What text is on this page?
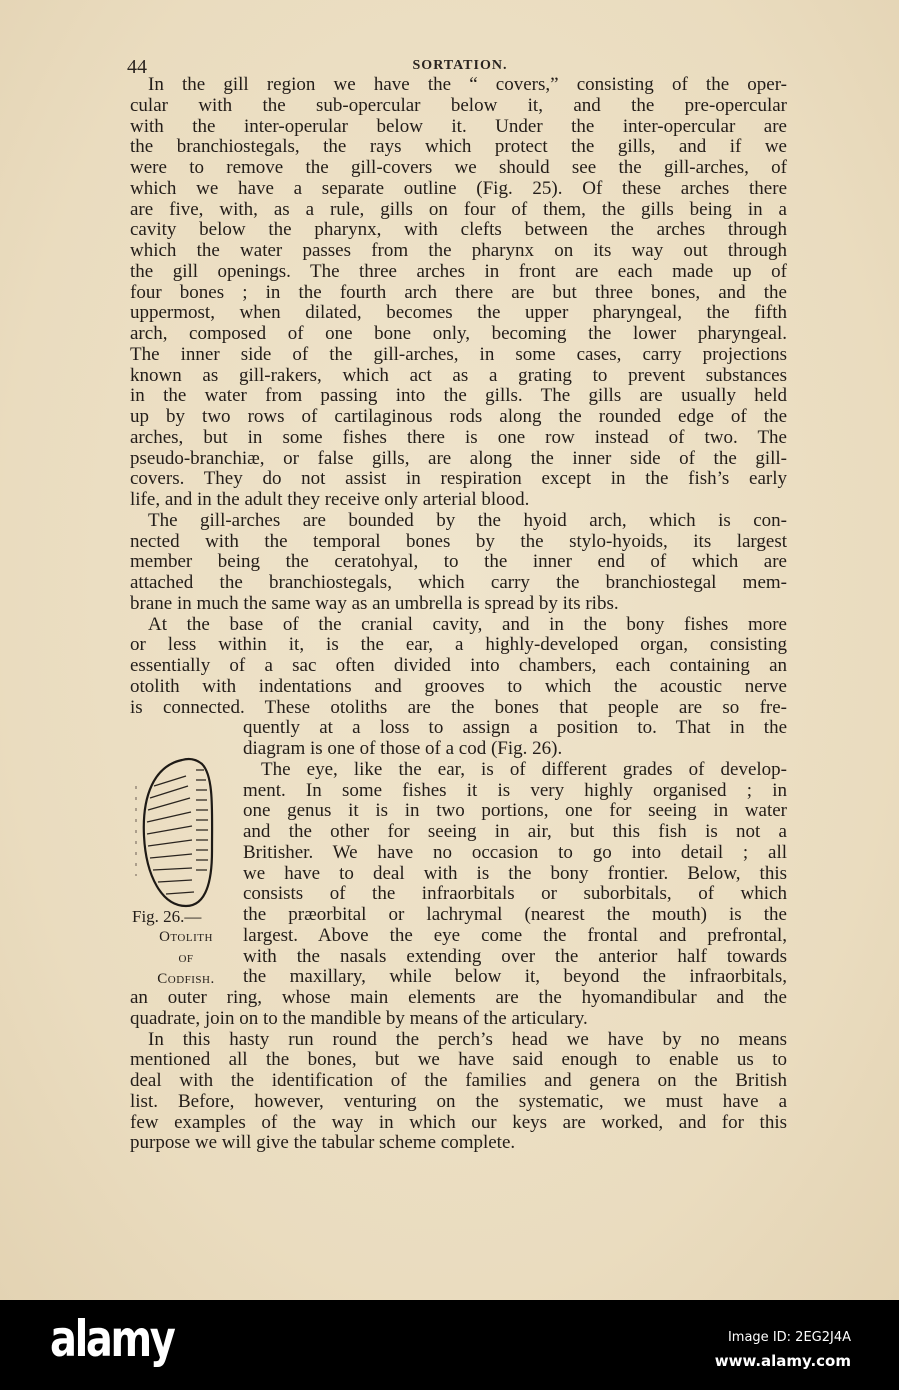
44	SORTATION.
In the gill region we have the “ covers,” consisting of the oper-
cular with the sub-opercular below it, and the pre-opercular
with the inter-operular below it. Under the inter-opercular are
the branchiostegals, the rays which protect the gills, and if we
were to remove the gill-covers we should see the gill-arches, of
which we have a separate outline (Fig. 25). Of these arches there
are five, with, as a rule, gills on four of them, the gills being in a
cavity below the pharynx, with clefts between the arches through
which the water passes from the pharynx on its way out through
the gill openings. The three arches in front are each made up of
four bones ; in the fourth arch there are but three bones, and the
uppermost, when dilated, becomes the upper pharyngeal, the fifth
arch, composed of one bone only, becoming the lower pharyngeal.
The inner side of the gill-arches, in some cases, carry projections
known as gill-rakers, which act as a grating to prevent substances
in the water from passing into the gills. The gills are usually held
up by two rows of cartilaginous rods along the rounded edge of the
arches, but in some fishes there is one row instead of two. The
pseudo-branchiæ, or false gills, are along the inner side of the gill-
covers. They do not assist in respiration except in the fish’s early
life, and in the adult they receive only arterial blood.
The gill-arches are bounded by the hyoid arch, which is con-
nected with the temporal bones by the stylo-hyoids, its largest
member being the ceratohyal, to the inner end of which are
attached the branchiostegals, which carry the branchiostegal mem-
brane in much the same way as an umbrella is spread by its ribs.
At the base of the cranial cavity, and in the bony fishes more
or less within it, is the ear, a highly-developed organ, consisting
essentially of a sac often divided into chambers, each containing an
otolith with indentations and grooves to which the acoustic nerve
is connected. These otoliths are the bones that people are so fre-
quently at a loss to assign a position to. That in the
diagram is one of those of a cod (Fig. 26).
The eye, like the ear, is of different grades of develop-
ment. In some fishes it is very highly organised ; in
one genus it is in two portions, one for seeing in water
and the other for seeing in air, but this fish is not a
Britisher. We have no occasion to go into detail ; all
we have to deal with is the bony frontier. Below, this
consists of the infraorbitals or suborbitals, of which
the præorbital or lachrymal (nearest the mouth) is the
largest. Above the eye come the frontal and prefrontal,
with the nasals extending over the anterior half towards
the maxillary, while below it, beyond the infraorbitals,
an outer ring, whose main elements are the hyomandibular and the
quadrate, join on to the mandible by means of the articulary.
In this hasty run round the perch’s head we have by no means
mentioned all the bones, but we have said enough to enable us to
deal with the identification of the families and genera on the British
list. Before, however, venturing on the systematic, we must have a
few examples of the way in which our keys are worked, and for this
purpose we will give the tabular scheme complete.
Fig. 26.—
Otolith
of
Codfish.
alamy	Image ID: 2EG2J4A
www.alamy.com
